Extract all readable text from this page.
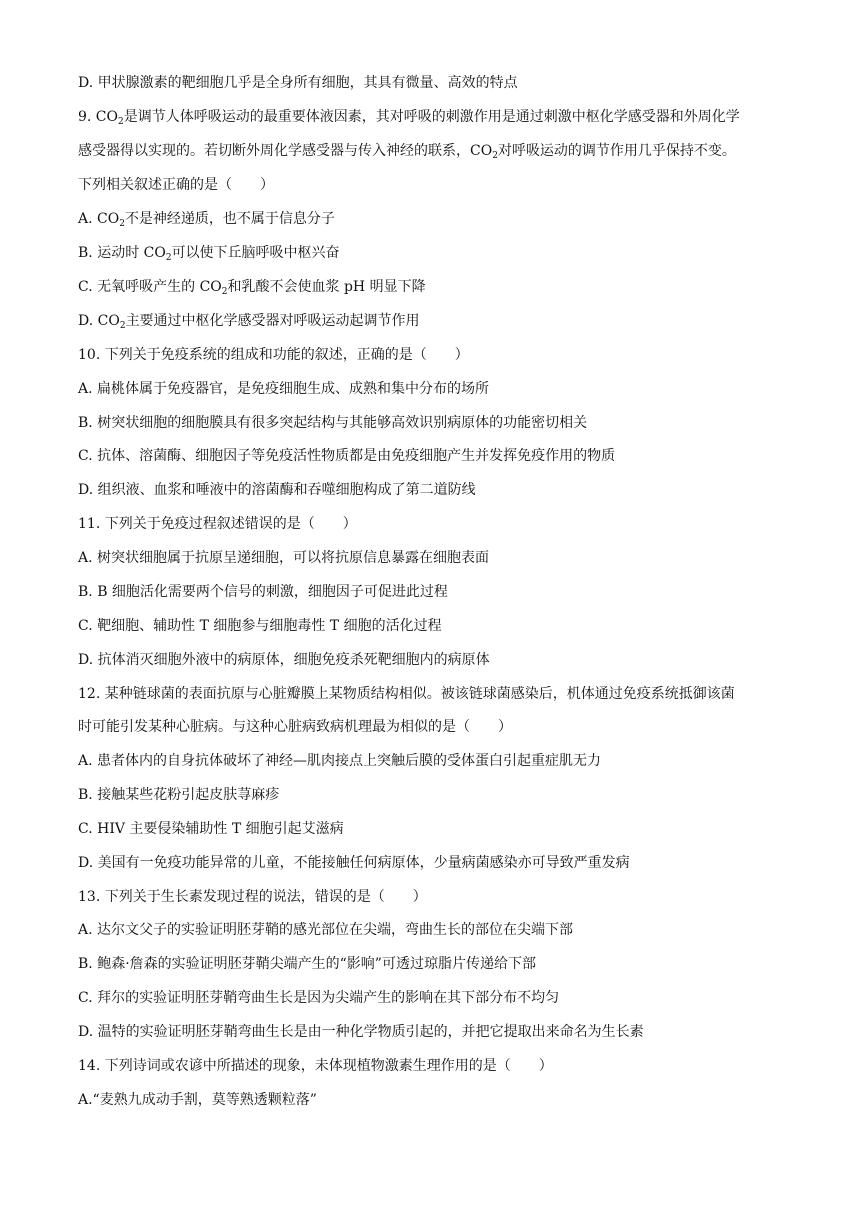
D. 甲状腺激素的靶细胞几乎是全身所有细胞，其具有微量、高效的特点
9. $CO_2$是调节人体呼吸运动的最重要体液因素，其对呼吸的刺激作用是通过刺激中枢化学感受器和外周化学
感受器得以实现的。若切断外周化学感受器与传入神经的联系，$CO_2$对呼吸运动的调节作用几乎保持不变。
下列相关叙述正确的是（　　）
A. $CO_2$不是神经递质，也不属于信息分子
B. 运动时 $CO_2$可以使下丘脑呼吸中枢兴奋
C. 无氧呼吸产生的 $CO_2$和乳酸不会使血浆 pH 明显下降
D. $CO_2$主要通过中枢化学感受器对呼吸运动起调节作用
10. 下列关于免疫系统的组成和功能的叙述，正确的是（　　）
A. 扁桃体属于免疫器官，是免疫细胞生成、成熟和集中分布的场所
B. 树突状细胞的细胞膜具有很多突起结构与其能够高效识别病原体的功能密切相关
C. 抗体、溶菌酶、细胞因子等免疫活性物质都是由免疫细胞产生并发挥免疫作用的物质
D. 组织液、血浆和唾液中的溶菌酶和吞噬细胞构成了第二道防线
11. 下列关于免疫过程叙述错误的是（　　）
A. 树突状细胞属于抗原呈递细胞，可以将抗原信息暴露在细胞表面
B. B 细胞活化需要两个信号的刺激，细胞因子可促进此过程
C. 靶细胞、辅助性 T 细胞参与细胞毒性 T 细胞的活化过程
D. 抗体消灭细胞外液中的病原体，细胞免疫杀死靶细胞内的病原体
12. 某种链球菌的表面抗原与心脏瓣膜上某物质结构相似。被该链球菌感染后，机体通过免疫系统抵御该菌
时可能引发某种心脏病。与这种心脏病致病机理最为相似的是（　　）
A. 患者体内的自身抗体破坏了神经—肌肉接点上突触后膜的受体蛋白引起重症肌无力
B. 接触某些花粉引起皮肤荨麻疹
C. HIV 主要侵染辅助性 T 细胞引起艾滋病
D. 美国有一免疫功能异常的儿童，不能接触任何病原体，少量病菌感染亦可导致严重发病
13. 下列关于生长素发现过程的说法，错误的是（　　）
A. 达尔文父子的实验证明胚芽鞘的感光部位在尖端，弯曲生长的部位在尖端下部
B. 鲍森·詹森的实验证明胚芽鞘尖端产生的“影响”可透过琼脂片传递给下部
C. 拜尔的实验证明胚芽鞘弯曲生长是因为尖端产生的影响在其下部分布不均匀
D. 温特的实验证明胚芽鞘弯曲生长是由一种化学物质引起的，并把它提取出来命名为生长素
14. 下列诗词或农谚中所描述的现象，未体现植物激素生理作用的是（　　）
A.“麦熟九成动手割，莫等熟透颗粒落”
